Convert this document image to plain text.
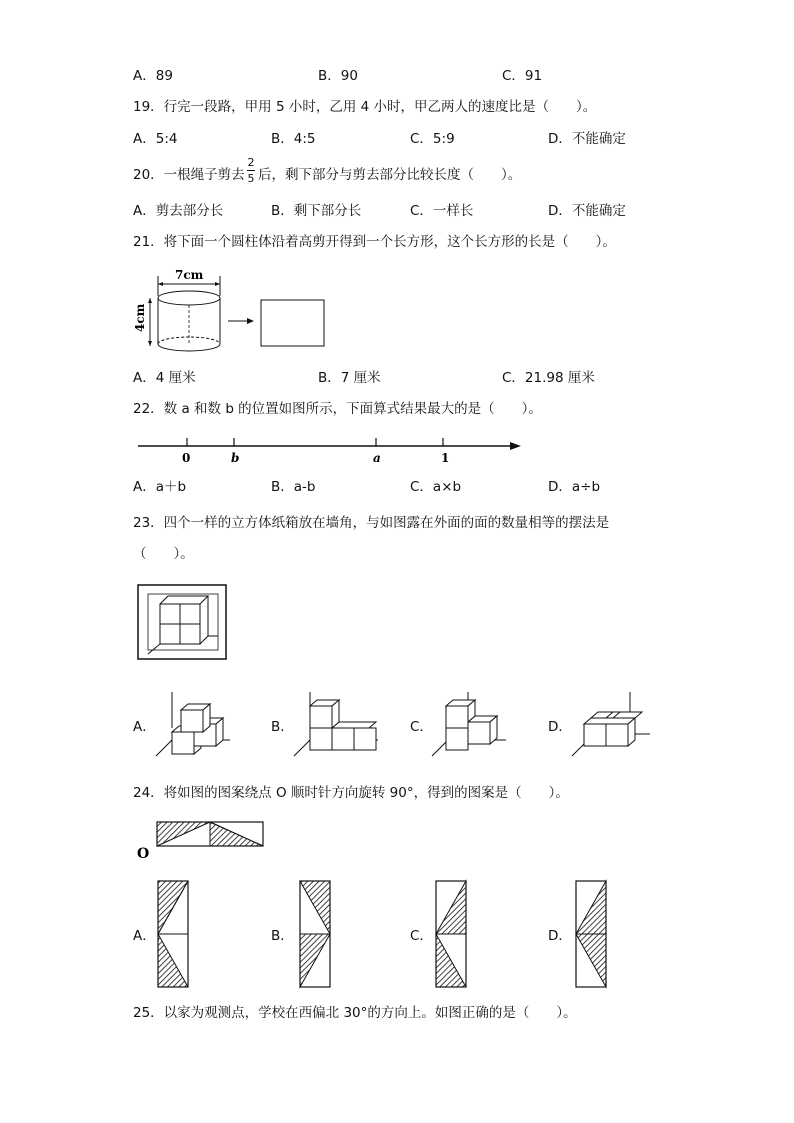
A．89	B．90	C．91
19．行完一段路，甲用 5 小时，乙用 4 小时，甲乙两人的速度比是（　　）。
A．5:4	B．4:5	C．5:9	D．不能确定
20．一根绳子剪去
2
5 后，剩下部分与剪去部分比较长度（　　）。
A．剪去部分长	B．剩下部分长	C．一样长	D．不能确定
21．将下面一个圆柱体沿着高剪开得到一个长方形，这个长方形的长是（　　）。
7cm
4cm
A．4 厘米	B．7 厘米	C．21.98 厘米
22．数 a 和数 b 的位置如图所示，下面算式结果最大的是（　　）。
0	b	a	1
A．a＋b	B．a-b	C．a×b	D．a÷b
23．四个一样的立方体纸箱放在墙角，与如图露在外面的面的数量相等的摆法是
（　　）。
A．	B．	C．	D．
24．将如图的图案绕点 O 顺时针方向旋转 90°，得到的图案是（　　）。
O
A．	B．	C．	D．
25．以家为观测点，学校在西偏北 30°的方向上。如图正确的是（　　）。
